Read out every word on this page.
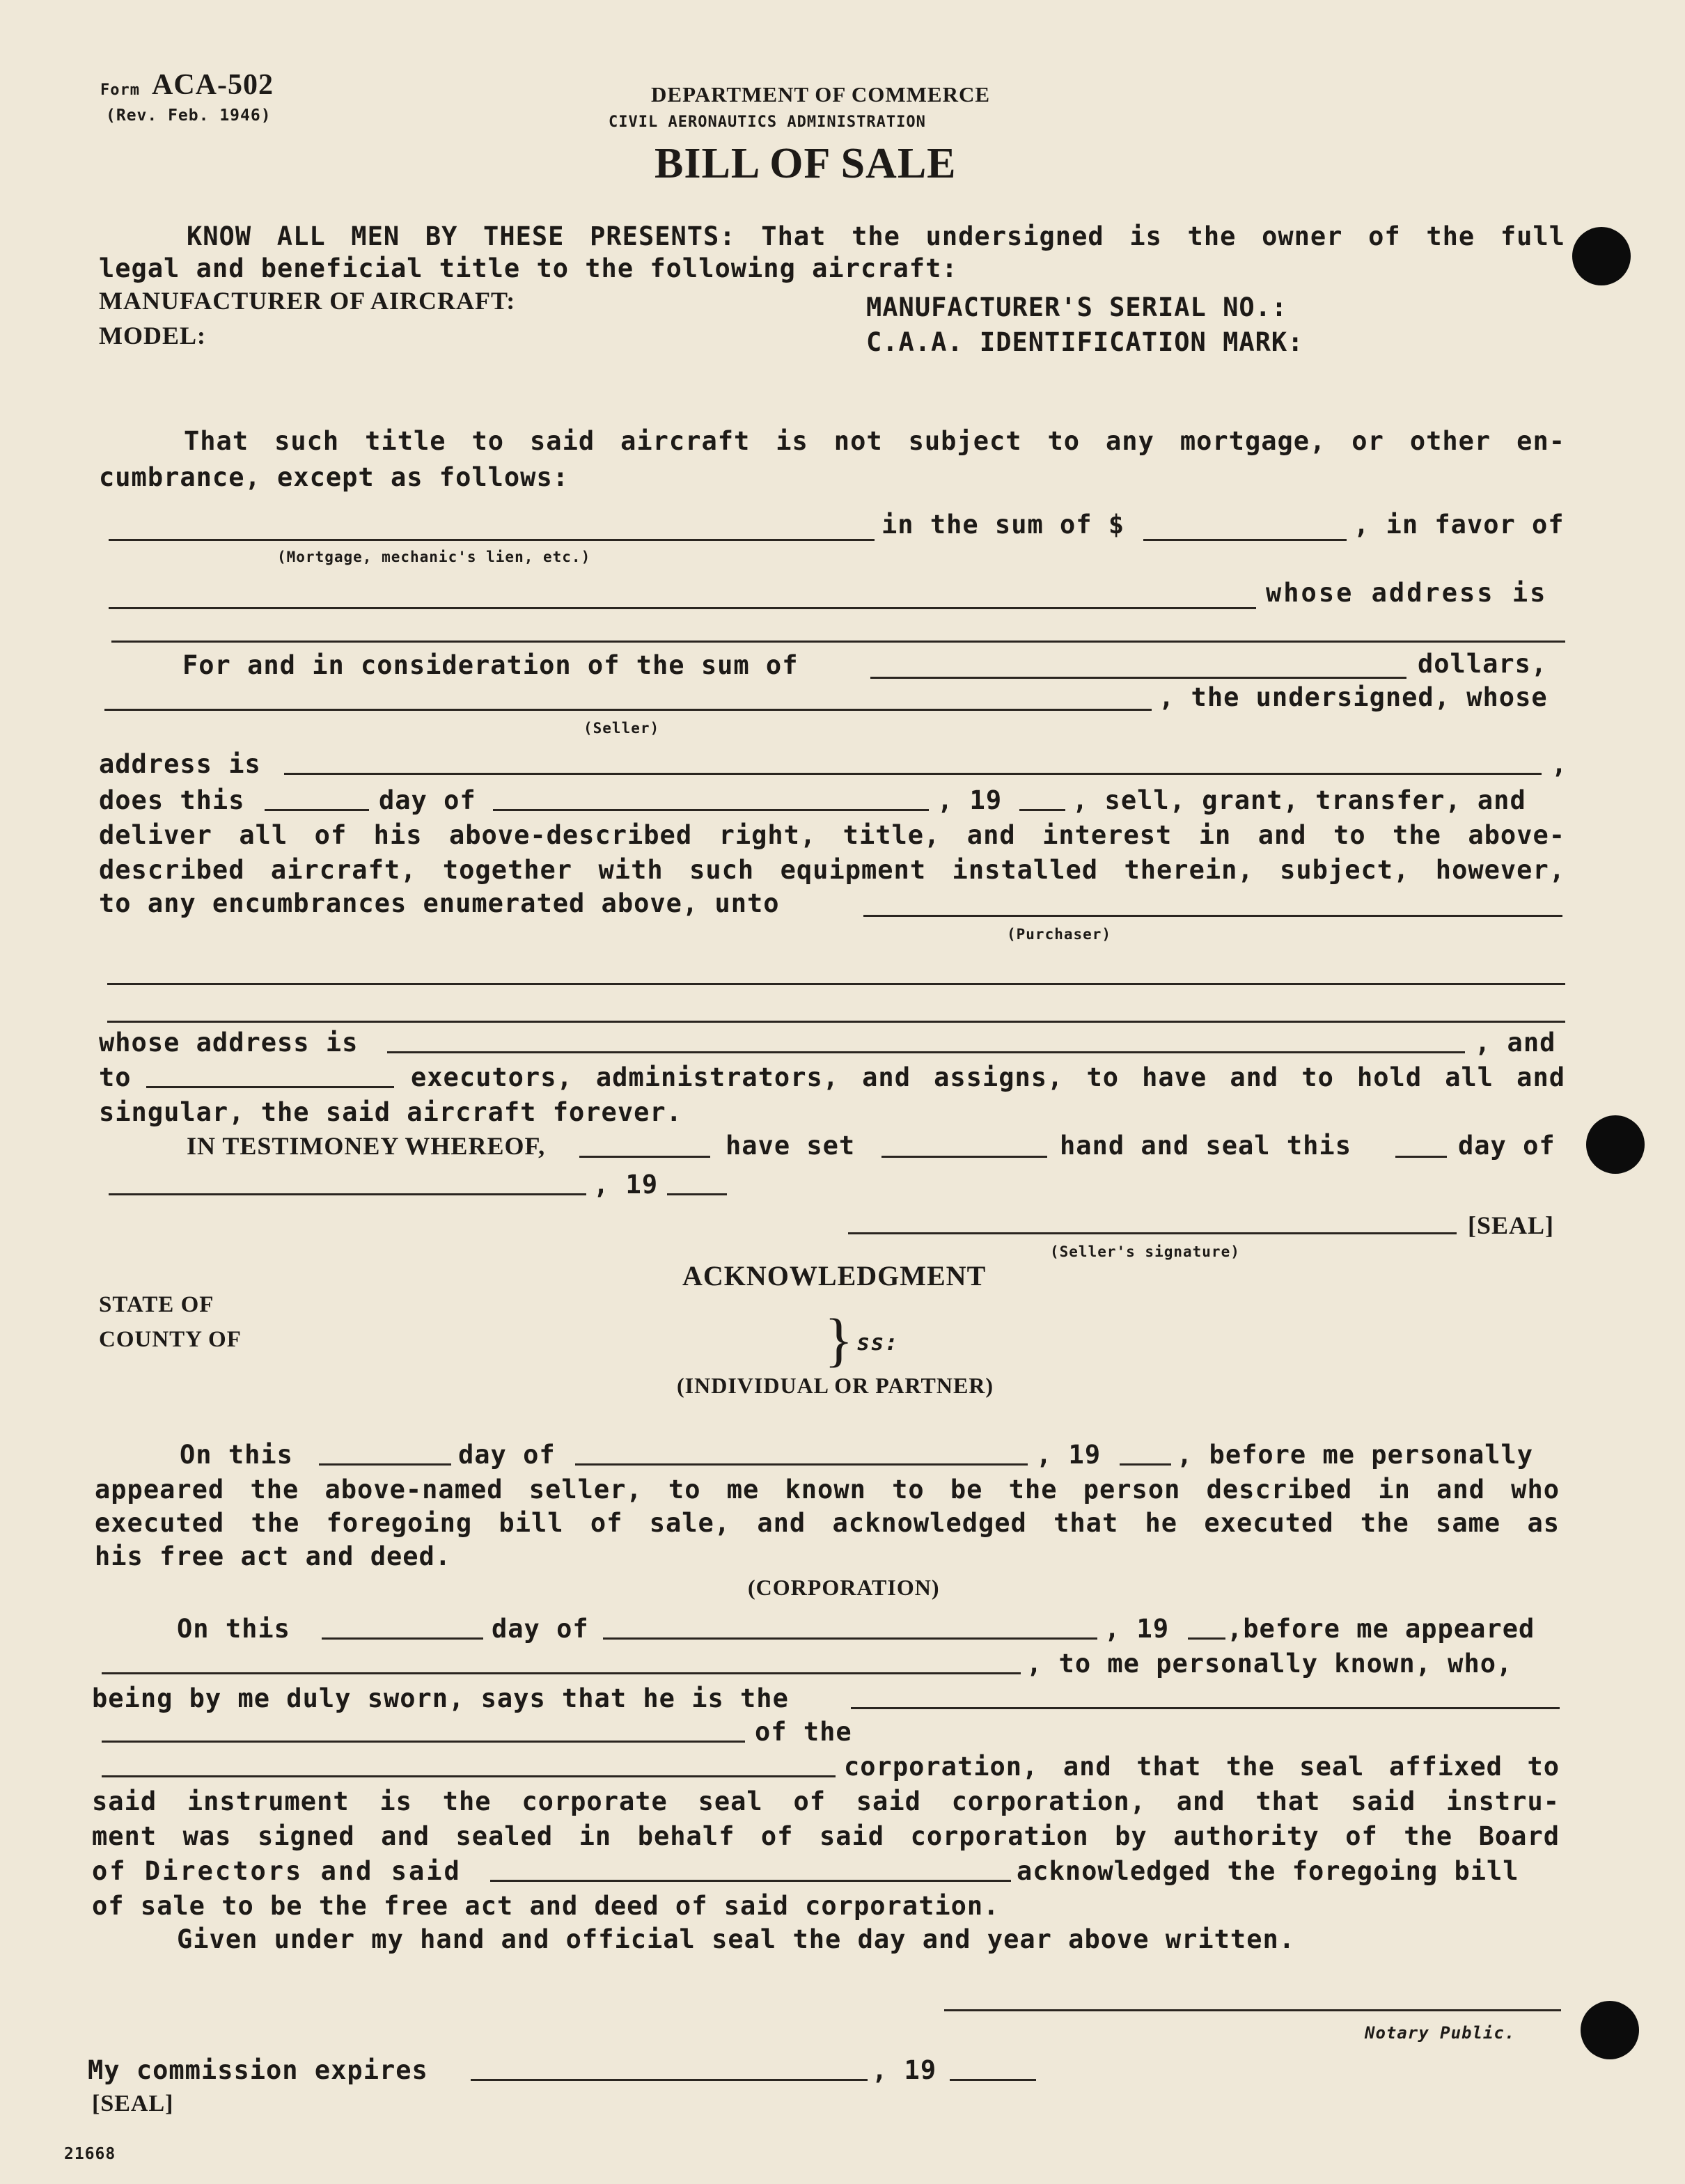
Form ACA-502
(Rev. Feb. 1946)
DEPARTMENT OF COMMERCE
CIVIL AERONAUTICS ADMINISTRATION
BILL OF SALE
KNOW ALL MEN BY THESE PRESENTS: That the undersigned is the owner of the full
legal and beneficial title to the following aircraft:
MANUFACTURER OF AIRCRAFT:	MANUFACTURER'S SERIAL NO.:
MODEL:	C.A.A. IDENTIFICATION MARK:
That such title to said aircraft is not subject to any mortgage, or other en-
cumbrance, except as follows:
in the sum of $	, in favor of
(Mortgage, mechanic's lien, etc.)
whose address is
For and in consideration of the sum of	dollars,
, the undersigned, whose
(Seller)
address is	,
does this	day of	, 19	, sell, grant, transfer, and
deliver all of his above-described right, title, and interest in and to the above-
described aircraft, together with such equipment installed therein, subject, however,
to any encumbrances enumerated above, unto
(Purchaser)
whose address is	, and
to	executors, administrators, and assigns, to have and to hold all and
singular, the said aircraft forever.
IN TESTIMONEY WHEREOF,	have set	hand and seal this	day of
, 19
[SEAL]
(Seller's signature)
ACKNOWLEDGMENT
STATE OF
COUNTY OF	} ss:
(INDIVIDUAL OR PARTNER)
On this	day of	, 19	, before me personally
appeared the above-named seller, to me known to be the person described in and who
executed the foregoing bill of sale, and acknowledged that he executed the same as
his free act and deed.
(CORPORATION)
On this	day of	, 19 ,before me appeared
, to me personally known, who,
being by me duly sworn, says that he is the
of the
corporation, and that the seal affixed to
said instrument is the corporate seal of said corporation, and that said instru-
ment was signed and sealed in behalf of said corporation by authority of the Board
of Directors and said	acknowledged the foregoing bill
of sale to be the free act and deed of said corporation.
Given under my hand and official seal the day and year above written.
Notary Public.
My commission expires	, 19
[SEAL]
21668
